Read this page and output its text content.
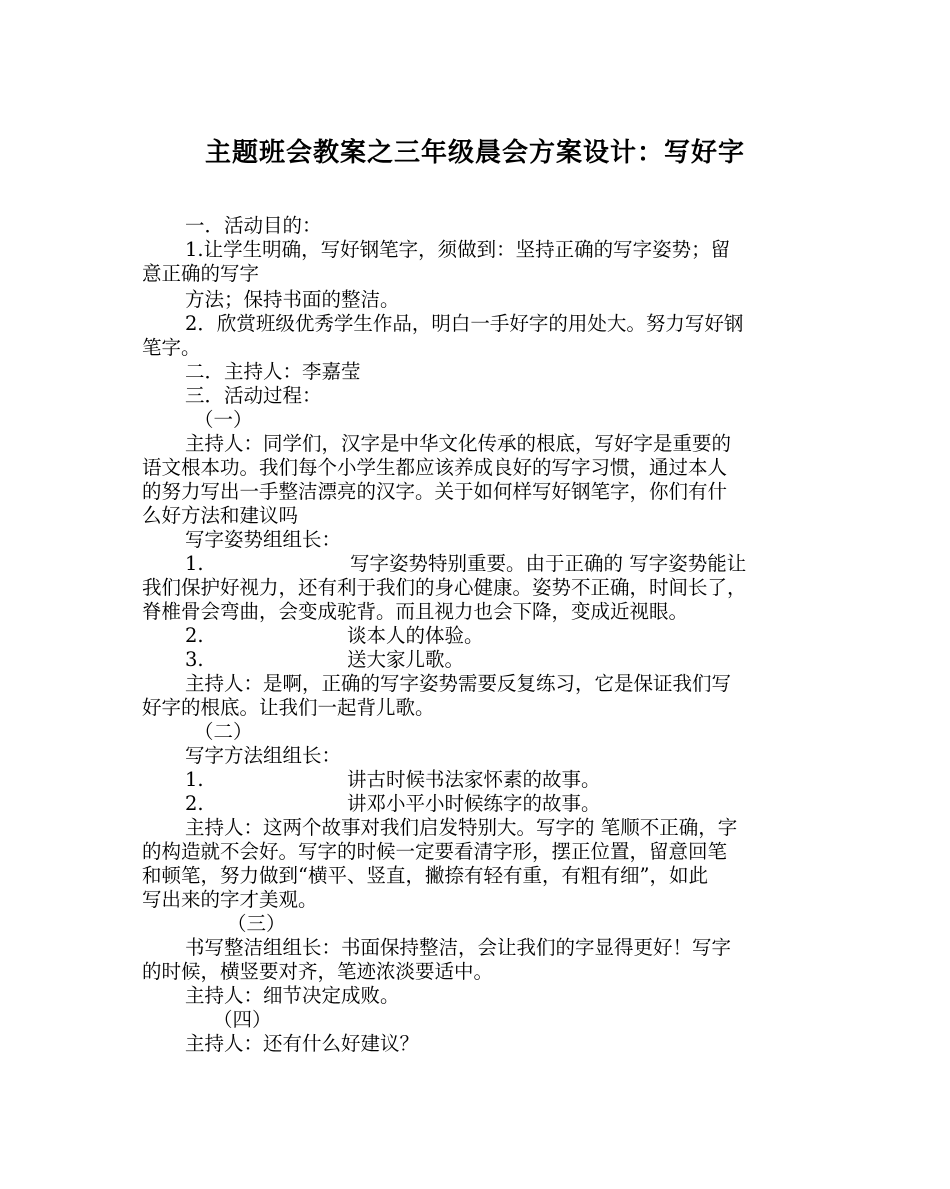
主题班会教案之三年级晨会方案设计：写好字
一．活动目的：
1.让学生明确，写好钢笔字，须做到：坚持正确的写字姿势；留
意正确的写字
方法；保持书面的整洁。
2．欣赏班级优秀学生作品，明白一手好字的用处大。努力写好钢
笔字。
二．主持人：李嘉莹
三．活动过程：
（一）
主持人：同学们，汉字是中华文化传承的根底，写好字是重要的
语文根本功。我们每个小学生都应该养成良好的写字习惯，通过本人
的努力写出一手整洁漂亮的汉字。关于如何样写好钢笔字，你们有什
么好方法和建议吗
写字姿势组组长：
1.	写字姿势特别重要。由于正确的 写字姿势能让
我们保护好视力，还有利于我们的身心健康。姿势不正确，时间长了，
脊椎骨会弯曲，会变成驼背。而且视力也会下降，变成近视眼。
2.	谈本人的体验。
3.	送大家儿歌。
主持人：是啊，正确的写字姿势需要反复练习，它是保证我们写
好字的根底。让我们一起背儿歌。
（二）
写字方法组组长：
1.	讲古时候书法家怀素的故事。
2.	讲邓小平小时候练字的故事。
主持人：这两个故事对我们启发特别大。写字的 笔顺不正确，字
的构造就不会好。写字的时候一定要看清字形，摆正位置，留意回笔
和顿笔，努力做到“横平、竖直，撇捺有轻有重，有粗有细”，如此
写出来的字才美观。
（三）
书写整洁组组长：书面保持整洁，会让我们的字显得更好！写字
的时候，横竖要对齐，笔迹浓淡要适中。
主持人：细节决定成败。
（四）
主持人：还有什么好建议？
